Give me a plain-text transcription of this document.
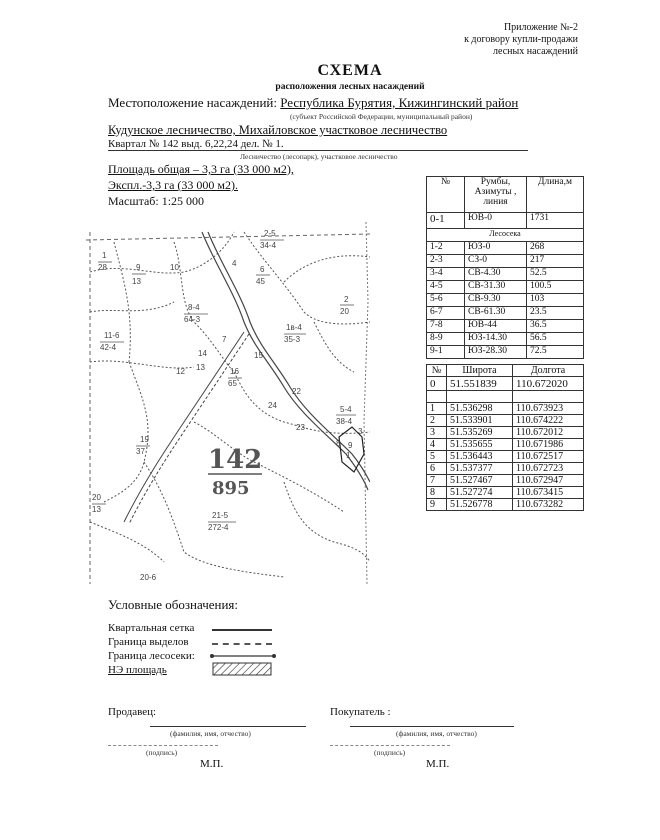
Приложение №-2
к договору купли-продажи
лесных насаждений
СХЕМА
расположения лесных насаждений
Местоположение насаждений: Республика Бурятия, Кижингинский район
(субъект Российской Федерации, муниципальный район)
Кудунское лесничество, Михайловское участковое лесничество
Квартал № 142 выд. 6,22,24 дел. № 1.
Лесничество (лесопарк), участковое лесничество
Площадь общая – 3,3 га (33 000 м2),
Экспл.-3,3 га (33 000 м2).
Масштаб: 1:25 000
№	Румбы, Азимуты , линия	Длина,м
0-1	ЮВ-0	1731
Лесосека		
1-2	ЮЗ-0	268
2-3	СЗ-0	217
3-4	СВ-4.30	52.5
4-5	СВ-31.30	100.5
5-6	СВ-9.30	103
6-7	СВ-61.30	23.5
7-8	ЮВ-44	36.5
8-9	ЮЗ-14.30	56.5
9-1	ЮЗ-28.30	72.5
№	Широта	Долгота
0	51.551839	110.672020

1	51.536298	110.673923
2	51.533901	110.674222
3	51.535269	110.672012
4	51.535655	110.671986
5	51.536443	110.672517
6	51.537377	110.672723
7	51.527467	110.672947
8	51.527274	110.673415
9	51.526778	110.673282
1
28	9
13
10
2-5
34-4
4
6
45
8-4
64-3
11-6
42-4
2
20
1в-4
35-3
16
65
12
14	15
5-4
38-4
19
37
20
13
21-5
272-4
20-6
24
22
23
13
7
1
3
8 9
142
895
Условные обозначения:
Квартальная сетка
Граница выделов
Граница лесосеки:
НЭ площадь
Продавец:
(фамилия, имя, отчество)
(подпись)
М.П.
Покупатель :
(фамилия, имя, отчество)
(подпись)
М.П.
